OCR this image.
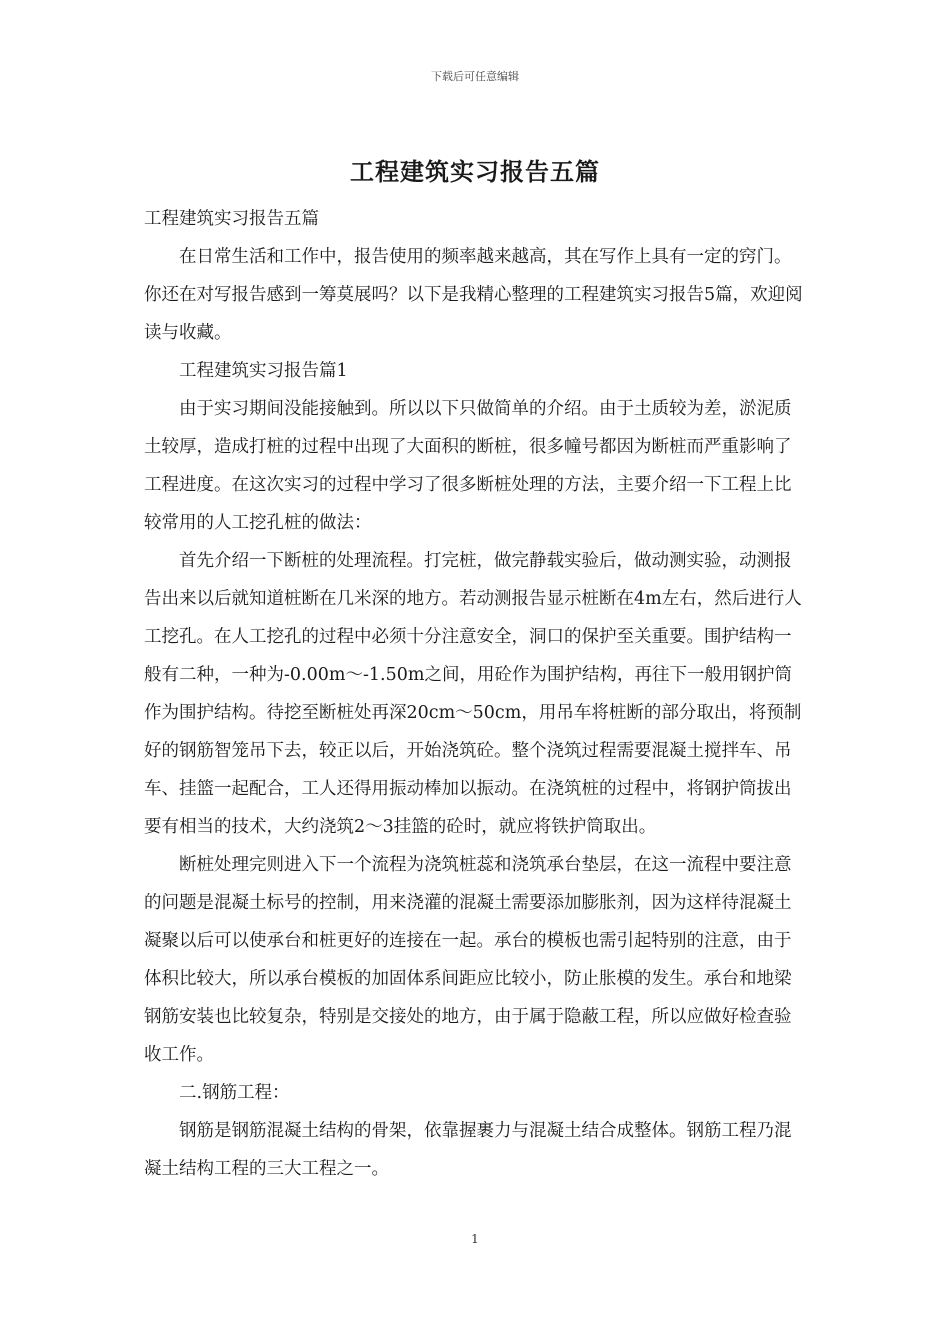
下载后可任意编辑
工程建筑实习报告五篇

工程建筑实习报告五篇

在日常生活和工作中，报告使用的频率越来越高，其在写作上具有一定的窍门。你还在对写报告感到一筹莫展吗？以下是我精心整理的工程建筑实习报告5篇，欢迎阅读与收藏。

工程建筑实习报告篇1

由于实习期间没能接触到。所以以下只做简单的介绍。由于土质较为差，淤泥质土较厚，造成打桩的过程中出现了大面积的断桩，很多幢号都因为断桩而严重影响了工程进度。在这次实习的过程中学习了很多断桩处理的方法，主要介绍一下工程上比较常用的人工挖孔桩的做法：

首先介绍一下断桩的处理流程。打完桩，做完静载实验后，做动测实验，动测报告出来以后就知道桩断在几米深的地方。若动测报告显示桩断在4m左右，然后进行人工挖孔。在人工挖孔的过程中必须十分注意安全，洞口的保护至关重要。围护结构一般有二种，一种为-0.00m～-1.50m之间，用砼作为围护结构，再往下一般用钢护筒作为围护结构。待挖至断桩处再深20cm～50cm，用吊车将桩断的部分取出，将预制好的钢筋智笼吊下去，较正以后，开始浇筑砼。整个浇筑过程需要混凝土搅拌车、吊车、挂篮一起配合，工人还得用振动棒加以振动。在浇筑桩的过程中，将钢护筒拔出要有相当的技术，大约浇筑2～3挂篮的砼时，就应将铁护筒取出。

断桩处理完则进入下一个流程为浇筑桩蕊和浇筑承台垫层，在这一流程中要注意的问题是混凝土标号的控制，用来浇灌的混凝土需要添加膨胀剂，因为这样待混凝土凝聚以后可以使承台和桩更好的连接在一起。承台的模板也需引起特别的注意，由于体积比较大，所以承台模板的加固体系间距应比较小，防止胀模的发生。承台和地梁钢筋安装也比较复杂，特别是交接处的地方，由于属于隐蔽工程，所以应做好检查验收工作。

二.钢筋工程：

钢筋是钢筋混凝土结构的骨架，依靠握裹力与混凝土结合成整体。钢筋工程乃混凝土结构工程的三大工程之一。

1
